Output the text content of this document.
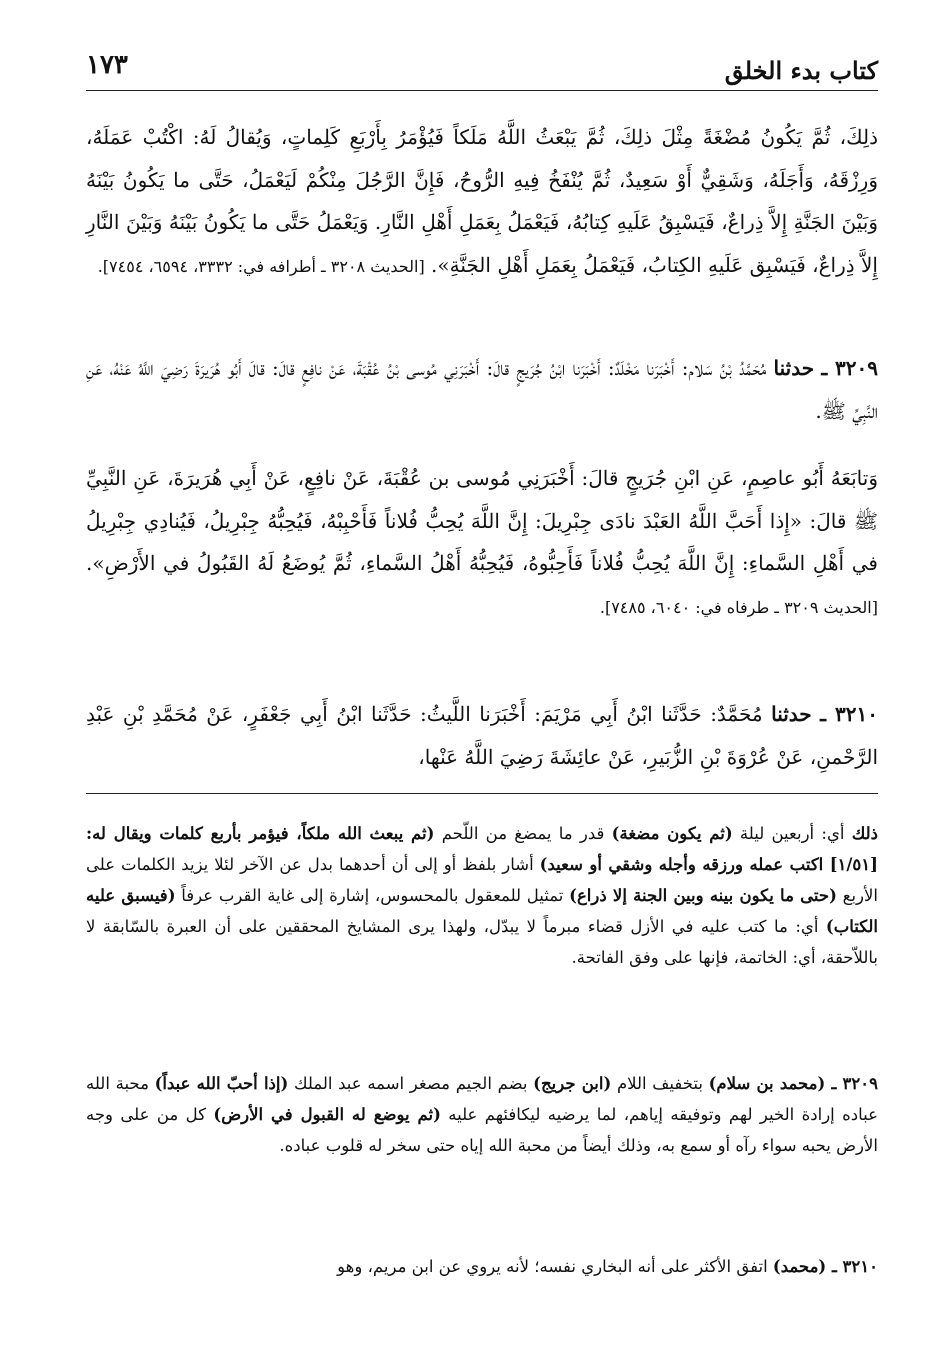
كتاب بدء الخلق
١٧٣

ذلِكَ، ثُمَّ يَكُونُ مُضْغَةً مِثْلَ ذلِكَ، ثُمَّ يَبْعَثُ اللَّهُ مَلَكاً فَيُؤْمَرُ بِأَرْبَعِ كَلِماتٍ، وَيُقالُ لَهُ: اكْتُبْ عَمَلَهُ، وَرِزْقَهُ، وَأَجَلَهُ، وَشَقِيٌّ أَوْ سَعِيدٌ، ثُمَّ يُنْفَخُ فِيهِ الرُّوحُ، فَإِنَّ الرَّجُلَ مِنْكُمْ لَيَعْمَلُ، حَتَّى ما يَكُونُ بَيْنَهُ وَبَيْنَ الجَنَّةِ إِلاَّ ذِراعٌ، فَيَسْبِقُ عَلَيهِ كِتابُهُ، فَيَعْمَلُ بِعَمَلِ أَهْلِ النَّارِ. وَيَعْمَلُ حَتَّى ما يَكُونُ بَيْنَهُ وَبَيْنَ النَّارِ إِلاَّ ذِراعٌ، فَيَسْبِق عَلَيهِ الكِتابُ، فَيَعْمَلُ بِعَمَلِ أَهْلِ الجَنَّةِ». [الحديث ٣٢٠٨ ـ أطرافه في: ٣٣٣٢، ٦٥٩٤، ٧٤٥٤].

٣٢٠٩ ـ حدثنا مُحَمَّدُ بْنُ سَلام: أَخْبَرَنا مَخْلَدٌ: أَخْبَرَنا ابْنُ جُرَيجٍ قالَ: أَخْبَرَنِي مُوسى بْنُ عُقْبَةَ، عَنْ نافِعٍ قالَ: قالَ أَبُو هُرَيرَةَ رَضِيَ اللَّهُ عَنْهُ، عَنِ النَّبِيِّ ﷺ.

وَتابَعَهُ أَبُو عاصِمٍ، عَنِ ابْنِ جُرَيجٍ قالَ: أَخْبَرَنِي مُوسى بن عُقْبَةَ، عَنْ نافِعٍ، عَنْ أَبِي هُرَيرَةَ، عَنِ النَّبِيِّ ﷺ قالَ: «إِذا أَحَبَّ اللَّهُ العَبْدَ نادَى جِبْرِيلَ: إِنَّ اللَّهَ يُحِبُّ فُلاناً فَأَحْبِبْهُ، فَيُحِبُّهُ جِبْرِيلُ، فَيُنادِي جِبْرِيلُ في أَهْلِ السَّماءِ: إِنَّ اللَّهَ يُحِبُّ فُلاناً فَأَحِبُّوهُ، فَيُحِبُّهُ أَهْلُ السَّماءِ، ثُمَّ يُوضَعُ لَهُ القَبُولُ في الأَرْضِ». [الحديث ٣٢٠٩ ـ طرفاه في: ٦٠٤٠، ٧٤٨٥].

٣٢١٠ ـ حدثنا مُحَمَّدٌ: حَدَّثَنا ابْنُ أَبِي مَرْيَمَ: أَخْبَرَنا اللَّيثُ: حَدَّثَنا ابْنُ أَبِي جَعْفَرٍ، عَنْ مُحَمَّدِ بْنِ عَبْدِ الرَّحْمنِ، عَنْ عُرْوَةَ بْنِ الزُّبَيرِ، عَنْ عائِشَةَ رَضِيَ اللَّهُ عَنْها،

ذلك أي: أربعين ليلة (ثم يكون مضغة) قدر ما يمضغ من اللّحم (ثم يبعث الله ملكاً، فيؤمر بأربع كلمات ويقال له: [١/٥١] اكتب عمله ورزقه وأجله وشقي أو سعيد) أشار بلفظ أو إلى أن أحدهما بدل عن الآخر لئلا يزيد الكلمات على الأربع (حتى ما يكون بينه وبين الجنة إلا ذراع) تمثيل للمعقول بالمحسوس، إشارة إلى غاية القرب عرفاً (فيسبق عليه الكتاب) أي: ما كتب عليه في الأزل قضاء مبرماً لا يبدّل، ولهذا يرى المشايخ المحققين على أن العبرة بالسّابقة لا باللاّحقة، أي: الخاتمة، فإنها على وفق الفاتحة.

٣٢٠٩ ـ (محمد بن سلام) بتخفيف اللام (ابن جريج) بضم الجيم مصغر اسمه عبد الملك (إذا أحبّ الله عبداً) محبة الله عباده إرادة الخير لهم وتوفيقه إياهم، لما يرضيه ليكافئهم عليه (ثم يوضع له القبول في الأرض) كل من على وجه الأرض يحبه سواء رآه أو سمع به، وذلك أيضاً من محبة الله إياه حتى سخر له قلوب عباده.

٣٢١٠ ـ (محمد) اتفق الأكثر على أنه البخاري نفسه؛ لأنه يروي عن ابن مريم، وهو
